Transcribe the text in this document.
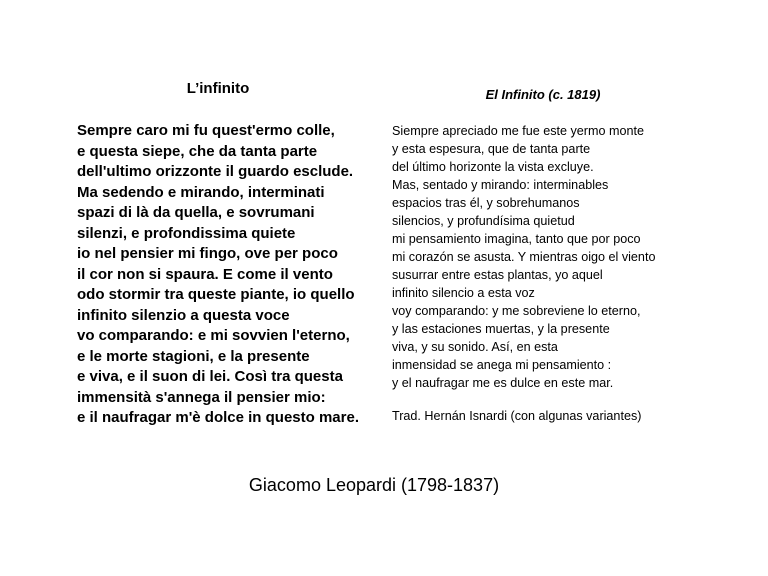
L’infinito	El Infinito (c. 1819)
Sempre caro mi fu quest'ermo colle,
e questa siepe, che da tanta parte
dell'ultimo orizzonte il guardo esclude.
Ma sedendo e mirando, interminati
spazi di là da quella, e sovrumani
silenzi, e profondissima quiete
io nel pensier mi fingo, ove per poco
il cor non si spaura. E come il vento
odo stormir tra queste piante, io quello
infinito silenzio a questa voce
vo comparando: e mi sovvien l'eterno,
e le morte stagioni, e la presente
e viva, e il suon di lei. Così tra questa
immensità s'annega il pensier mio:
e il naufragar m'è dolce in questo mare.
Siempre apreciado me fue este yermo monte
y esta espesura, que de tanta parte
del último horizonte la vista excluye.
Mas, sentado y mirando: interminables
espacios tras él, y sobrehumanos
silencios, y profundísima quietud
mi pensamiento imagina, tanto que por poco
mi corazón se asusta. Y mientras oigo el viento
susurrar entre estas plantas, yo aquel
infinito silencio a esta voz
voy comparando: y me sobreviene lo eterno,
y las estaciones muertas, y la presente
viva, y su sonido. Así, en esta
inmensidad se anega mi pensamiento :
y el naufragar me es dulce en este mar.
Trad. Hernán Isnardi (con algunas variantes)
Giacomo Leopardi (1798-1837)
